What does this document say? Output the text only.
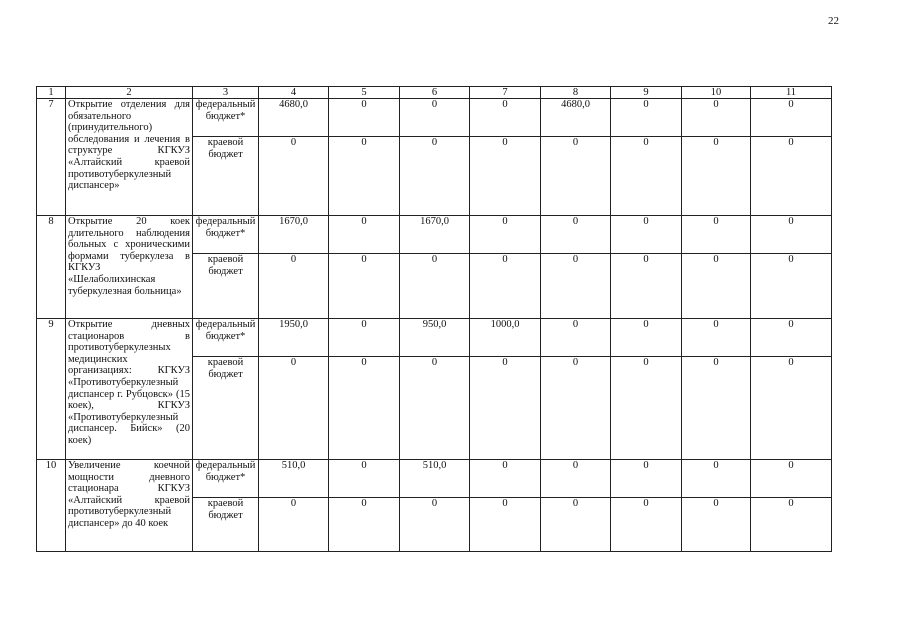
22
1	2	3	4	5	6	7	8	9	10	11
7	Открытие отделения для обязательного (принудительного) обследования и лечения в структуре КГКУЗ «Алтайский краевой противотуберкулезный диспансер»	федеральный бюджет*	4680,0	0	0	0	4680,0	0	0	0
		краевой бюджет	0	0	0	0	0	0	0	0
8	Открытие 20 коек длительного наблюдения больных с хроническими формами туберкулеза в КГКУЗ «Шелаболихинская туберкулезная больница»	федеральный бюджет*	1670,0	0	1670,0	0	0	0	0	0
		краевой бюджет	0	0	0	0	0	0	0	0
9	Открытие дневных стационаров в противотуберкулезных медицинских организациях: КГКУЗ «Противотуберкулезный диспансер г. Рубцовск» (15 коек), КГКУЗ «Противотуберкулезный диспансер. Бийск» (20 коек)	федеральный бюджет*	1950,0	0	950,0	1000,0	0	0	0	0
		краевой бюджет	0	0	0	0	0	0	0	0
10	Увеличение коечной мощности дневного стационара КГКУЗ «Алтайский краевой противотуберкулезный диспансер» до 40 коек	федеральный бюджет*	510,0	0	510,0	0	0	0	0	0
		краевой бюджет	0	0	0	0	0	0	0	0
